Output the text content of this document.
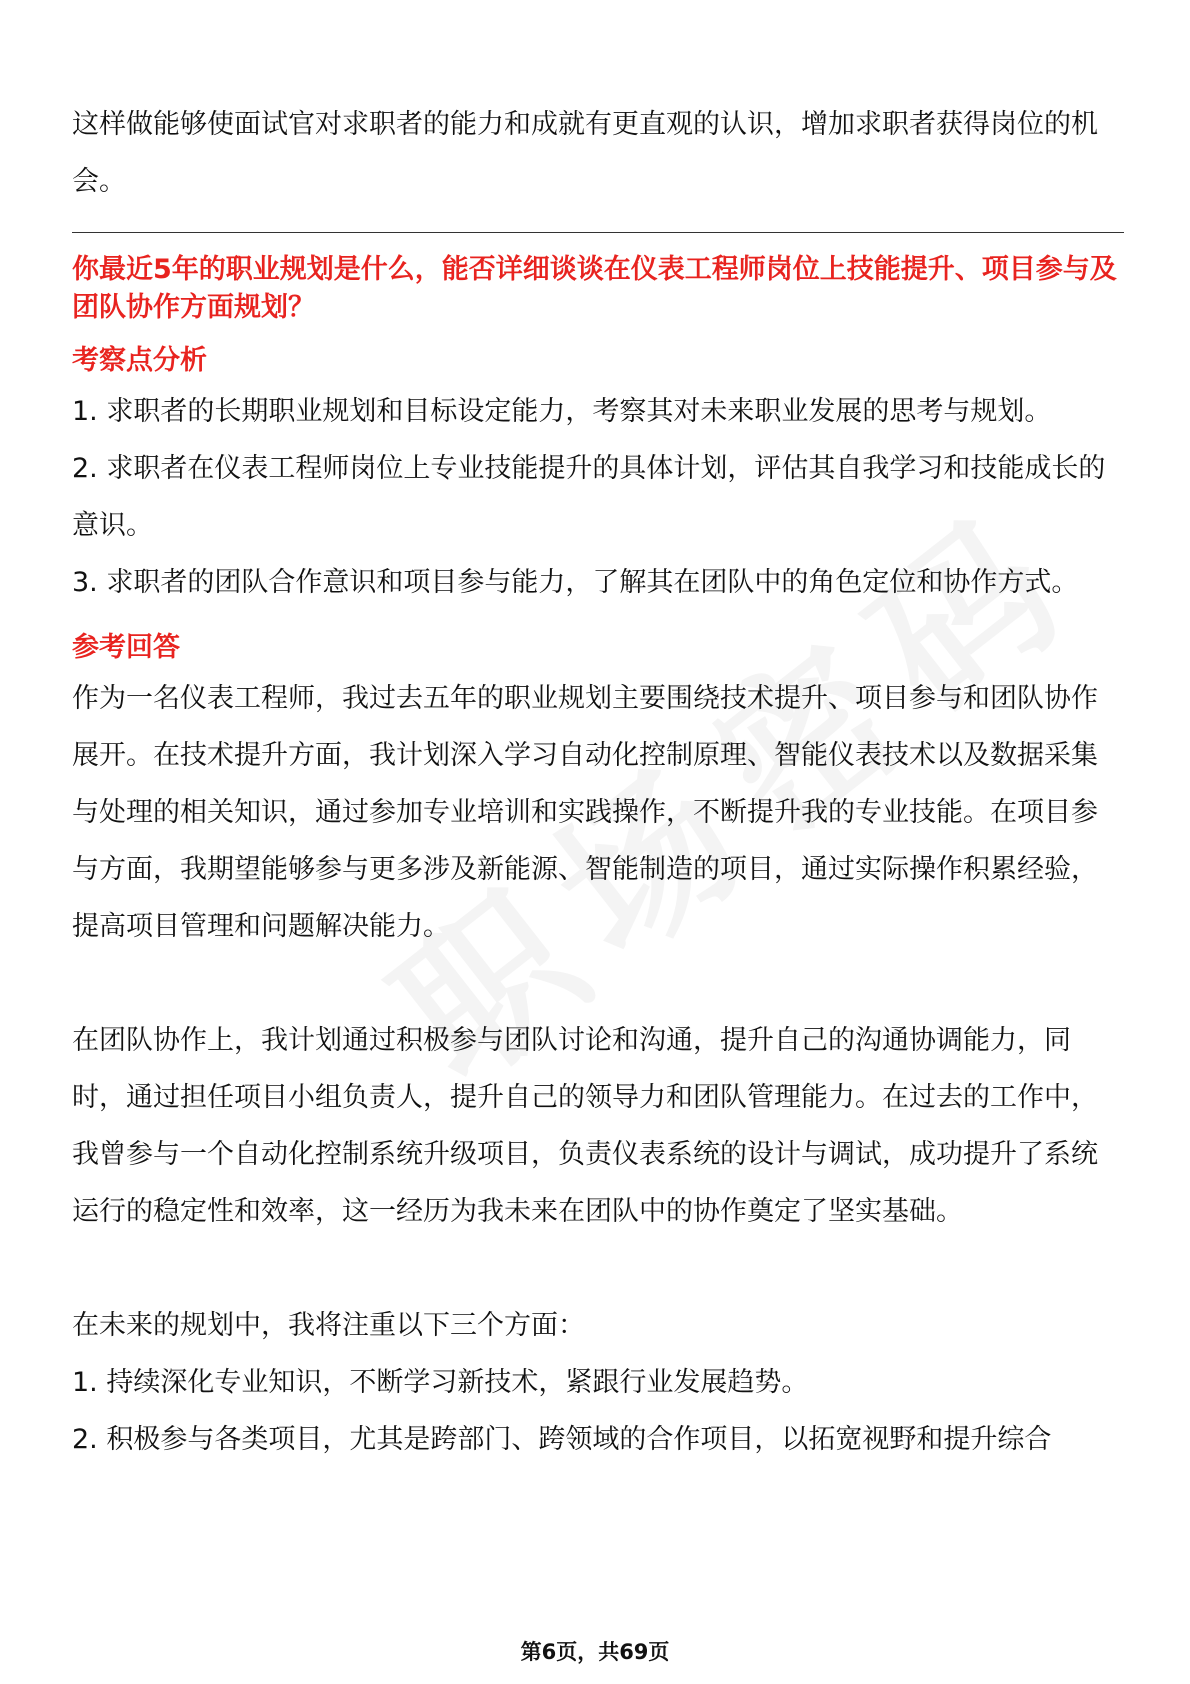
这样做能够使面试官对求职者的能力和成就有更直观的认识，增加求职者获得岗位的机会。

你最近5年的职业规划是什么，能否详细谈谈在仪表工程师岗位上技能提升、项目参与及团队协作方面规划？

考察点分析

1. 求职者的长期职业规划和目标设定能力，考察其对未来职业发展的思考与规划。

2. 求职者在仪表工程师岗位上专业技能提升的具体计划，评估其自我学习和技能成长的意识。

3. 求职者的团队合作意识和项目参与能力，了解其在团队中的角色定位和协作方式。

参考回答

作为一名仪表工程师，我过去五年的职业规划主要围绕技术提升、项目参与和团队协作展开。在技术提升方面，我计划深入学习自动化控制原理、智能仪表技术以及数据采集与处理的相关知识，通过参加专业培训和实践操作，不断提升我的专业技能。在项目参与方面，我期望能够参与更多涉及新能源、智能制造的项目，通过实际操作积累经验，提高项目管理和问题解决能力。

在团队协作上，我计划通过积极参与团队讨论和沟通，提升自己的沟通协调能力，同时，通过担任项目小组负责人，提升自己的领导力和团队管理能力。在过去的工作中，我曾参与一个自动化控制系统升级项目，负责仪表系统的设计与调试，成功提升了系统运行的稳定性和效率，这一经历为我未来在团队中的协作奠定了坚实基础。

在未来的规划中，我将注重以下三个方面：

1. 持续深化专业知识，不断学习新技术，紧跟行业发展趋势。

2. 积极参与各类项目，尤其是跨部门、跨领域的合作项目，以拓宽视野和提升综合

第6页，共69页
